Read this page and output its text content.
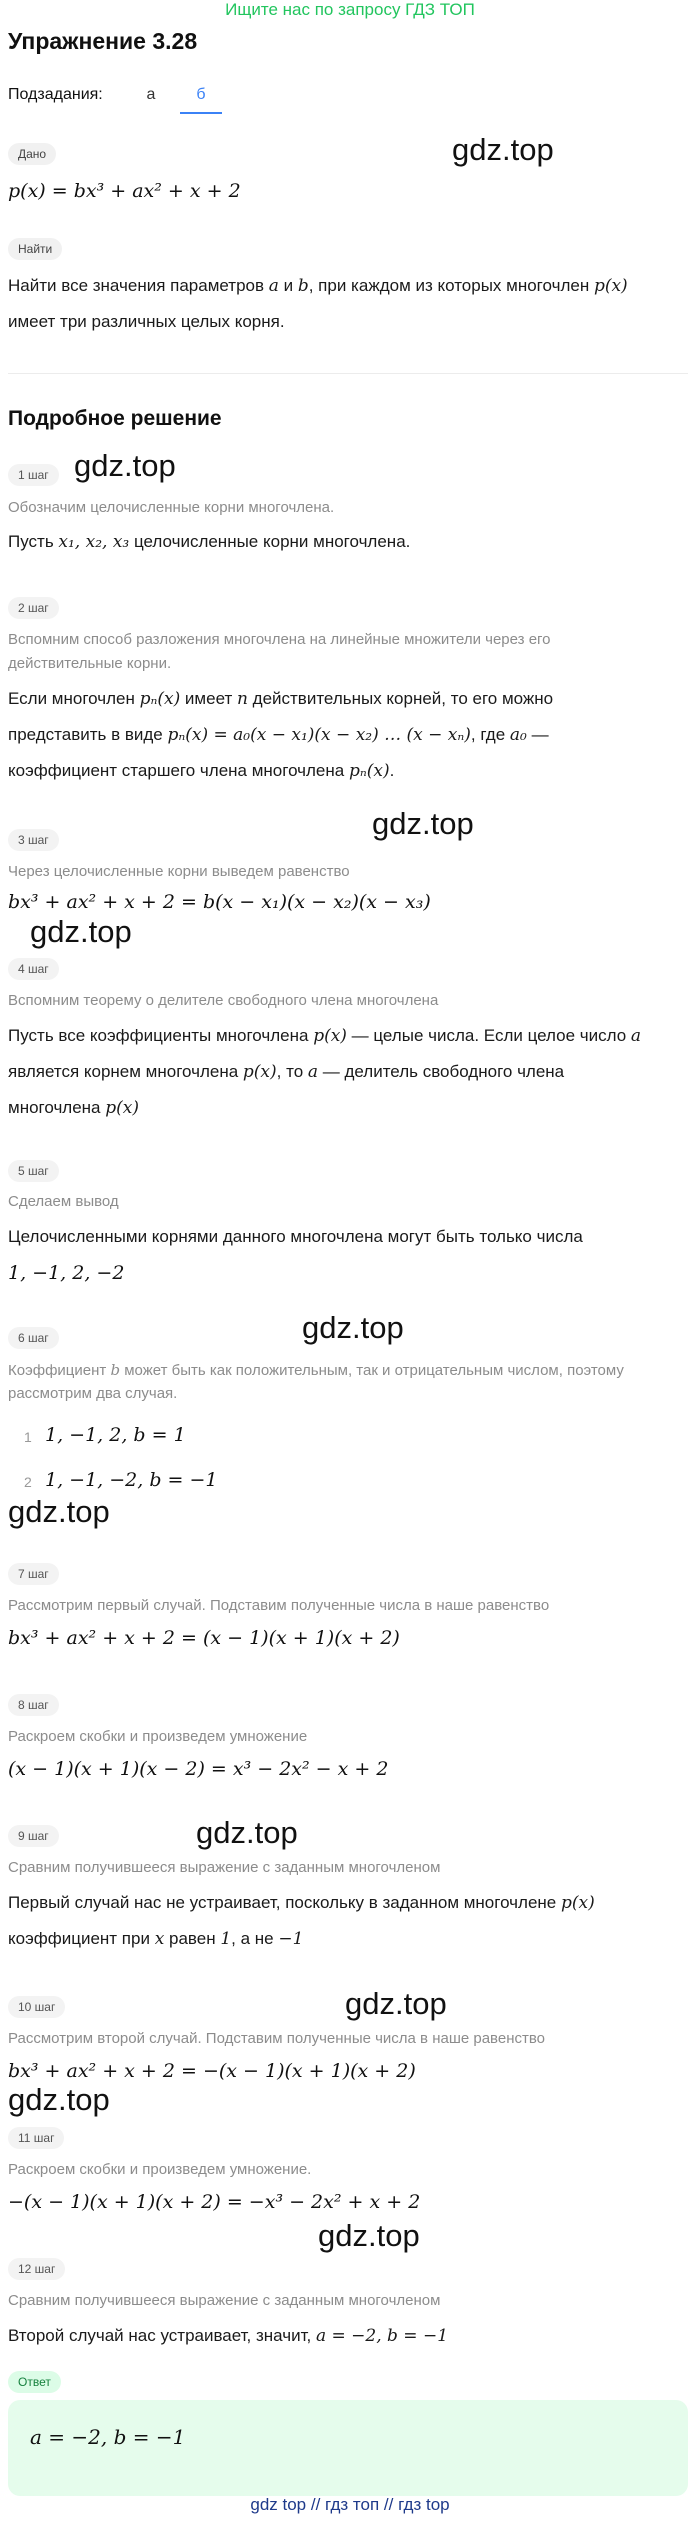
Ищите нас по запросу ГДЗ ТОП
Упражнение 3.28
Подзадания:	а	б
Дано	gdz.top
p(x) = bx³ + ax² + x + 2
Найти
Найти все значения параметров a и b, при каждом из которых многочлен p(x)
имеет три различных целых корня.
Подробное решение
1 шаг gdz.top
Обозначим целочисленные корни многочлена.
Пусть x₁, x₂, x₃ целочисленные корни многочлена.
2 шаг
Вспомним способ разложения многочлена на линейные множители через его
действительные корни.
Если многочлен pₙ(x) имеет n действительных корней, то его можно
представить в виде pₙ(x) = a₀(x − x₁)(x − x₂) … (x − xₙ), где a₀ —
коэффициент старшего члена многочлена pₙ(x).
gdz.top
3 шаг
Через целочисленные корни выведем равенство
bx³ + ax² + x + 2 = b(x − x₁)(x − x₂)(x − x₃)
gdz.top
4 шаг
Вспомним теорему о делителе свободного члена многочлена
Пусть все коэффициенты многочлена p(x) — целые числа. Если целое число a
является корнем многочлена p(x), то a — делитель свободного члена
многочлена p(x)
5 шаг
Сделаем вывод
Целочисленными корнями данного многочлена могут быть только числа
1, −1, 2, −2
gdz.top
6 шаг
Коэффициент b может быть как положительным, так и отрицательным числом, поэтому
рассмотрим два случая.
1 1, −1, 2, b = 1
2 1, −1, −2, b = −1
gdz.top
7 шаг
Рассмотрим первый случай. Подставим полученные числа в наше равенство
bx³ + ax² + x + 2 = (x − 1)(x + 1)(x + 2)
8 шаг
Раскроем скобки и произведем умножение
(x − 1)(x + 1)(x − 2) = x³ − 2x² − x + 2
gdz.top
9 шаг
Сравним получившееся выражение с заданным многочленом
Первый случай нас не устраивает, поскольку в заданном многочлене p(x)
коэффициент при x равен 1, а не −1
gdz.top
10 шаг
Рассмотрим второй случай. Подставим полученные числа в наше равенство
bx³ + ax² + x + 2 = −(x − 1)(x + 1)(x + 2)
gdz.top
11 шаг
Раскроем скобки и произведем умножение.
−(x − 1)(x + 1)(x + 2) = −x³ − 2x² + x + 2
gdz.top
12 шаг
Сравним получившееся выражение с заданным многочленом
Второй случай нас устраивает, значит, a = −2, b = −1
Ответ
a = −2, b = −1
gdz top // гдз топ // гдз top
